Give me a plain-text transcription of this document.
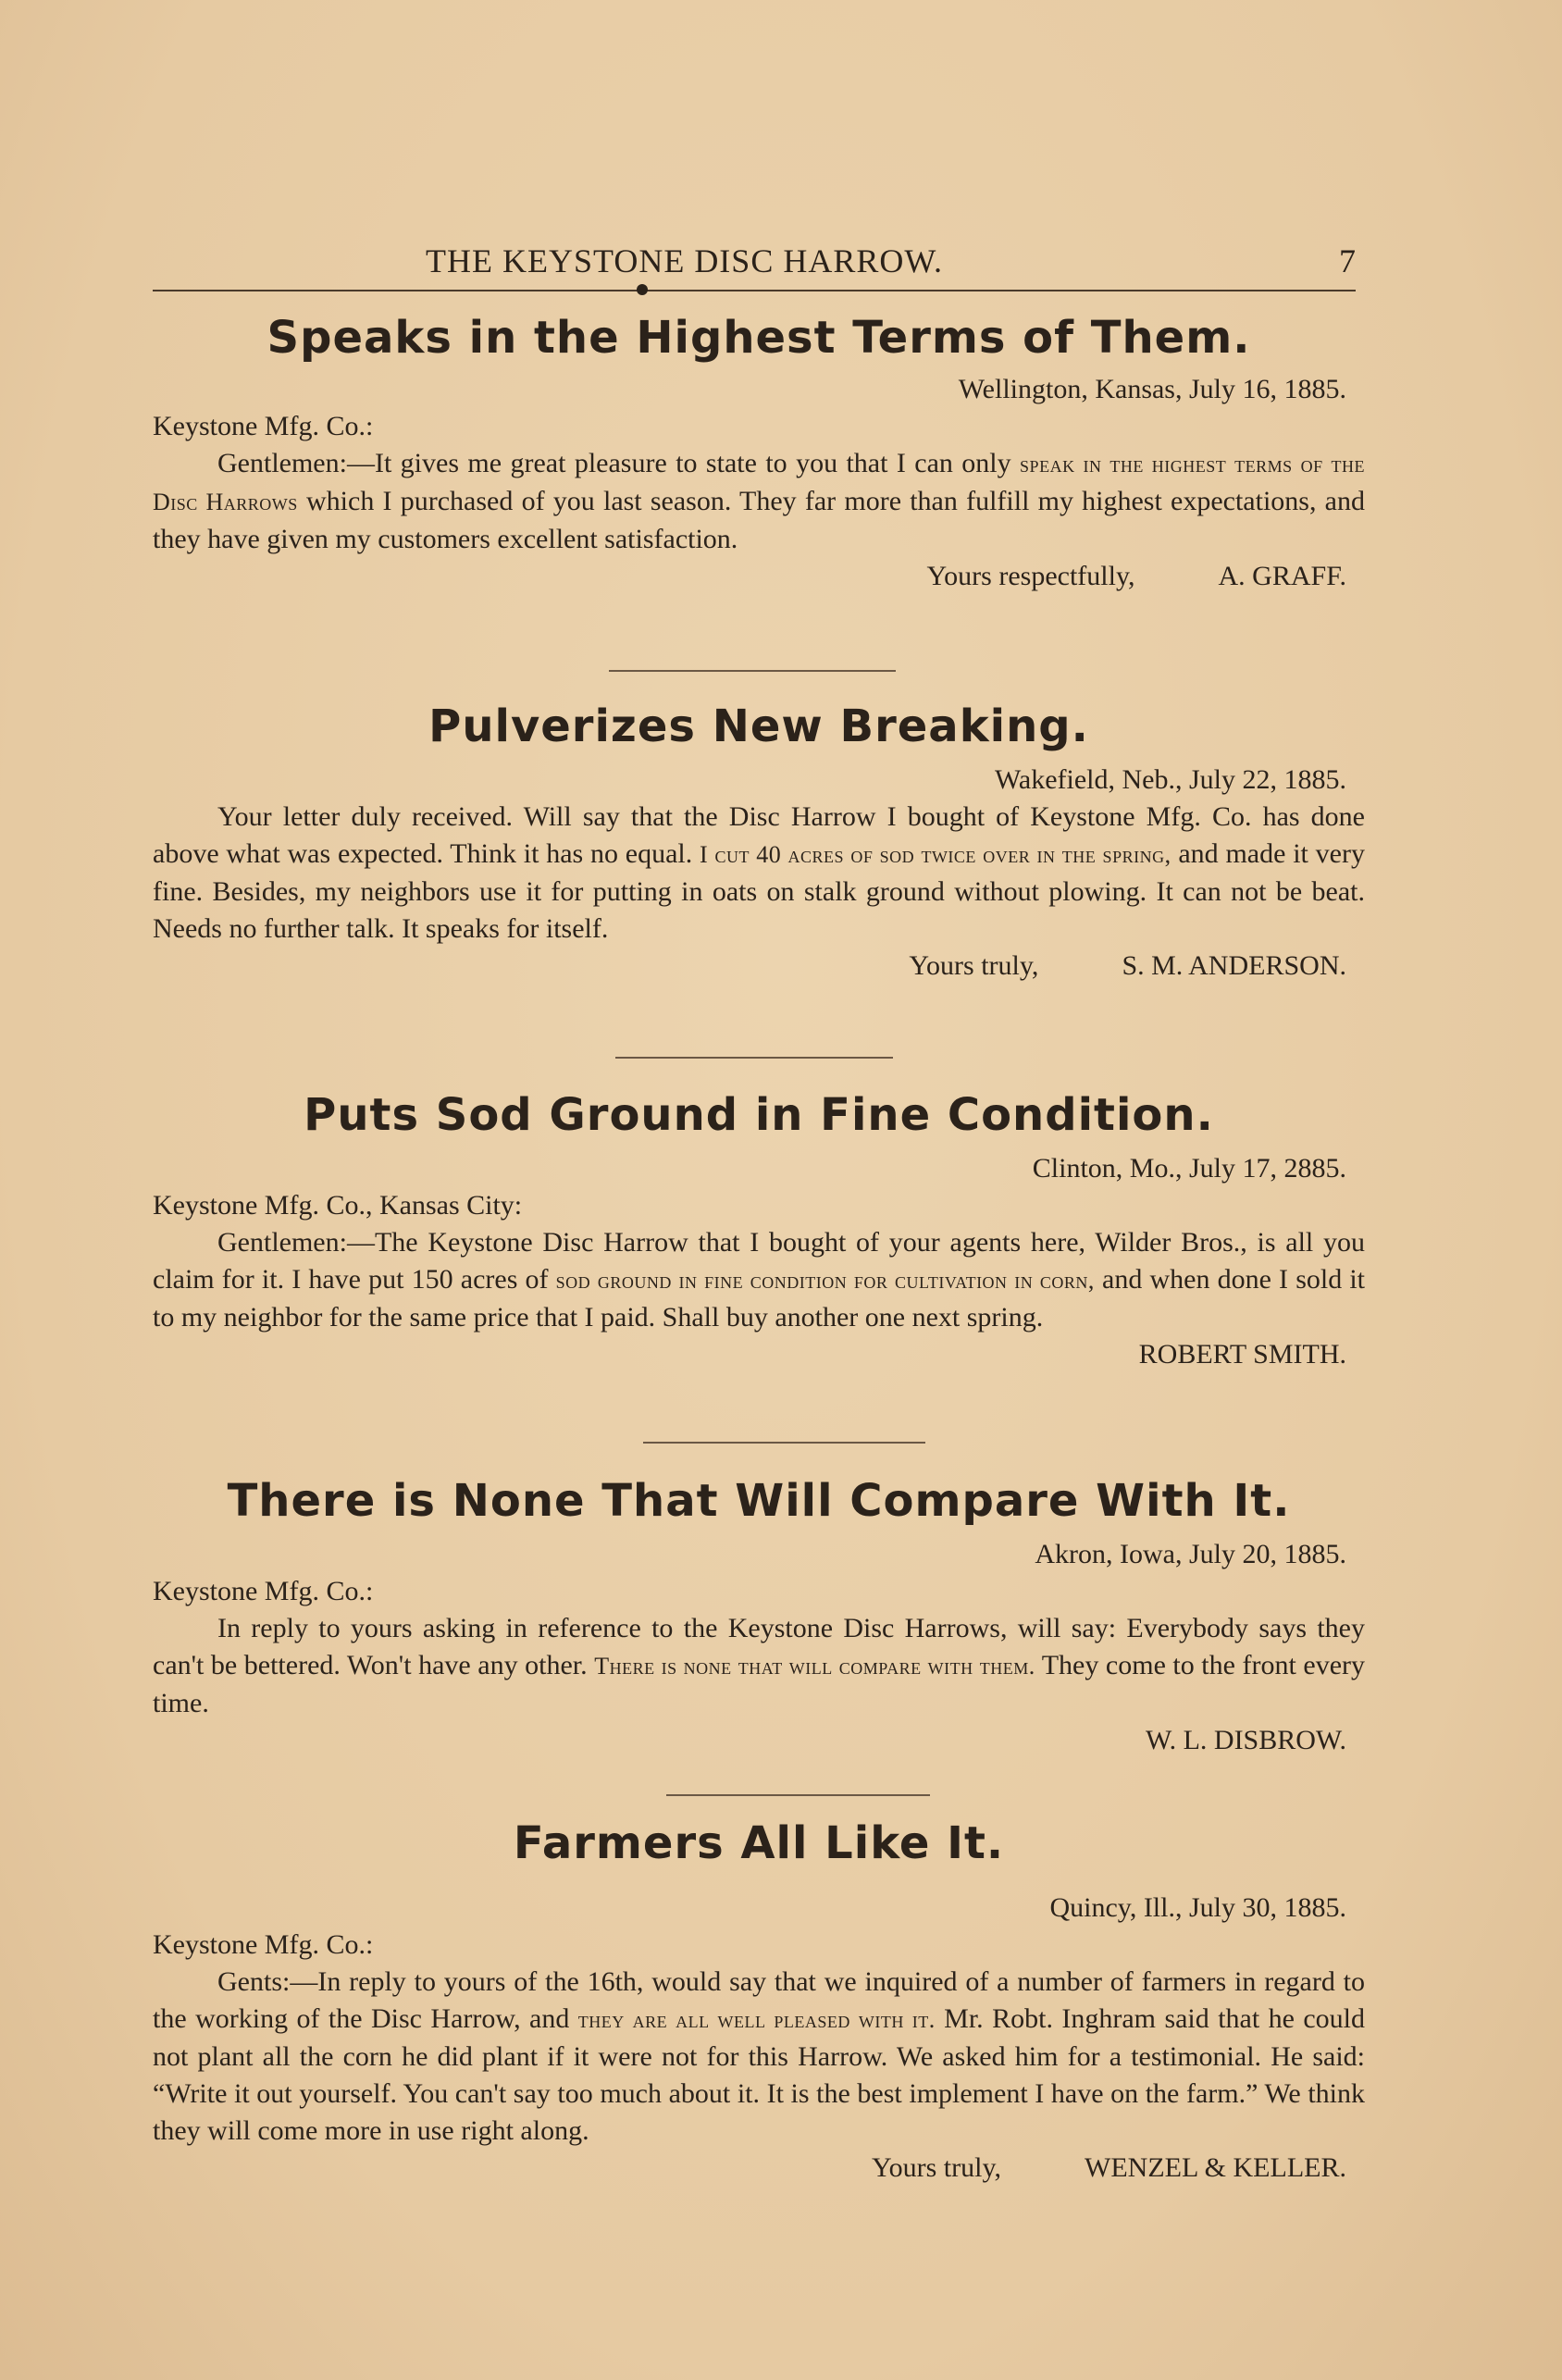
THE KEYSTONE DISC HARROW.	7
Speaks in the Highest Terms of Them.
Wellington, Kansas, July 16, 1885.
Keystone Mfg. Co.:
Gentlemen:—It gives me great pleasure to state to you that I can only speak in the highest terms of the Disc Harrows which I purchased of you last season. They far more than fulfill my highest expectations, and they have given my customers excellent satisfaction.
Yours respectfully,	A. GRAFF.
Pulverizes New Breaking.
Wakefield, Neb., July 22, 1885.
Your letter duly received. Will say that the Disc Harrow I bought of Keystone Mfg. Co. has done above what was expected. Think it has no equal. I cut 40 acres of sod twice over in the spring, and made it very fine. Besides, my neighbors use it for putting in oats on stalk ground without plowing. It can not be beat. Needs no further talk. It speaks for itself.
Yours truly,	S. M. ANDERSON.
Puts Sod Ground in Fine Condition.
Clinton, Mo., July 17, 2885.
Keystone Mfg. Co., Kansas City:
Gentlemen:—The Keystone Disc Harrow that I bought of your agents here, Wilder Bros., is all you claim for it. I have put 150 acres of sod ground in fine condition for cultivation in corn, and when done I sold it to my neighbor for the same price that I paid. Shall buy another one next spring.
ROBERT SMITH.
There is None That Will Compare With It.
Akron, Iowa, July 20, 1885.
Keystone Mfg. Co.:
In reply to yours asking in reference to the Keystone Disc Harrows, will say: Everybody says they can't be bettered. Won't have any other. There is none that will compare with them. They come to the front every time.
W. L. DISBROW.
Farmers All Like It.
Quincy, Ill., July 30, 1885.
Keystone Mfg. Co.:
Gents:—In reply to yours of the 16th, would say that we inquired of a number of farmers in regard to the working of the Disc Harrow, and they are all well pleased with it. Mr. Robt. Inghram said that he could not plant all the corn he did plant if it were not for this Harrow. We asked him for a testimonial. He said: “Write it out yourself. You can't say too much about it. It is the best implement I have on the farm.” We think they will come more in use right along.
Yours truly,	WENZEL & KELLER.
